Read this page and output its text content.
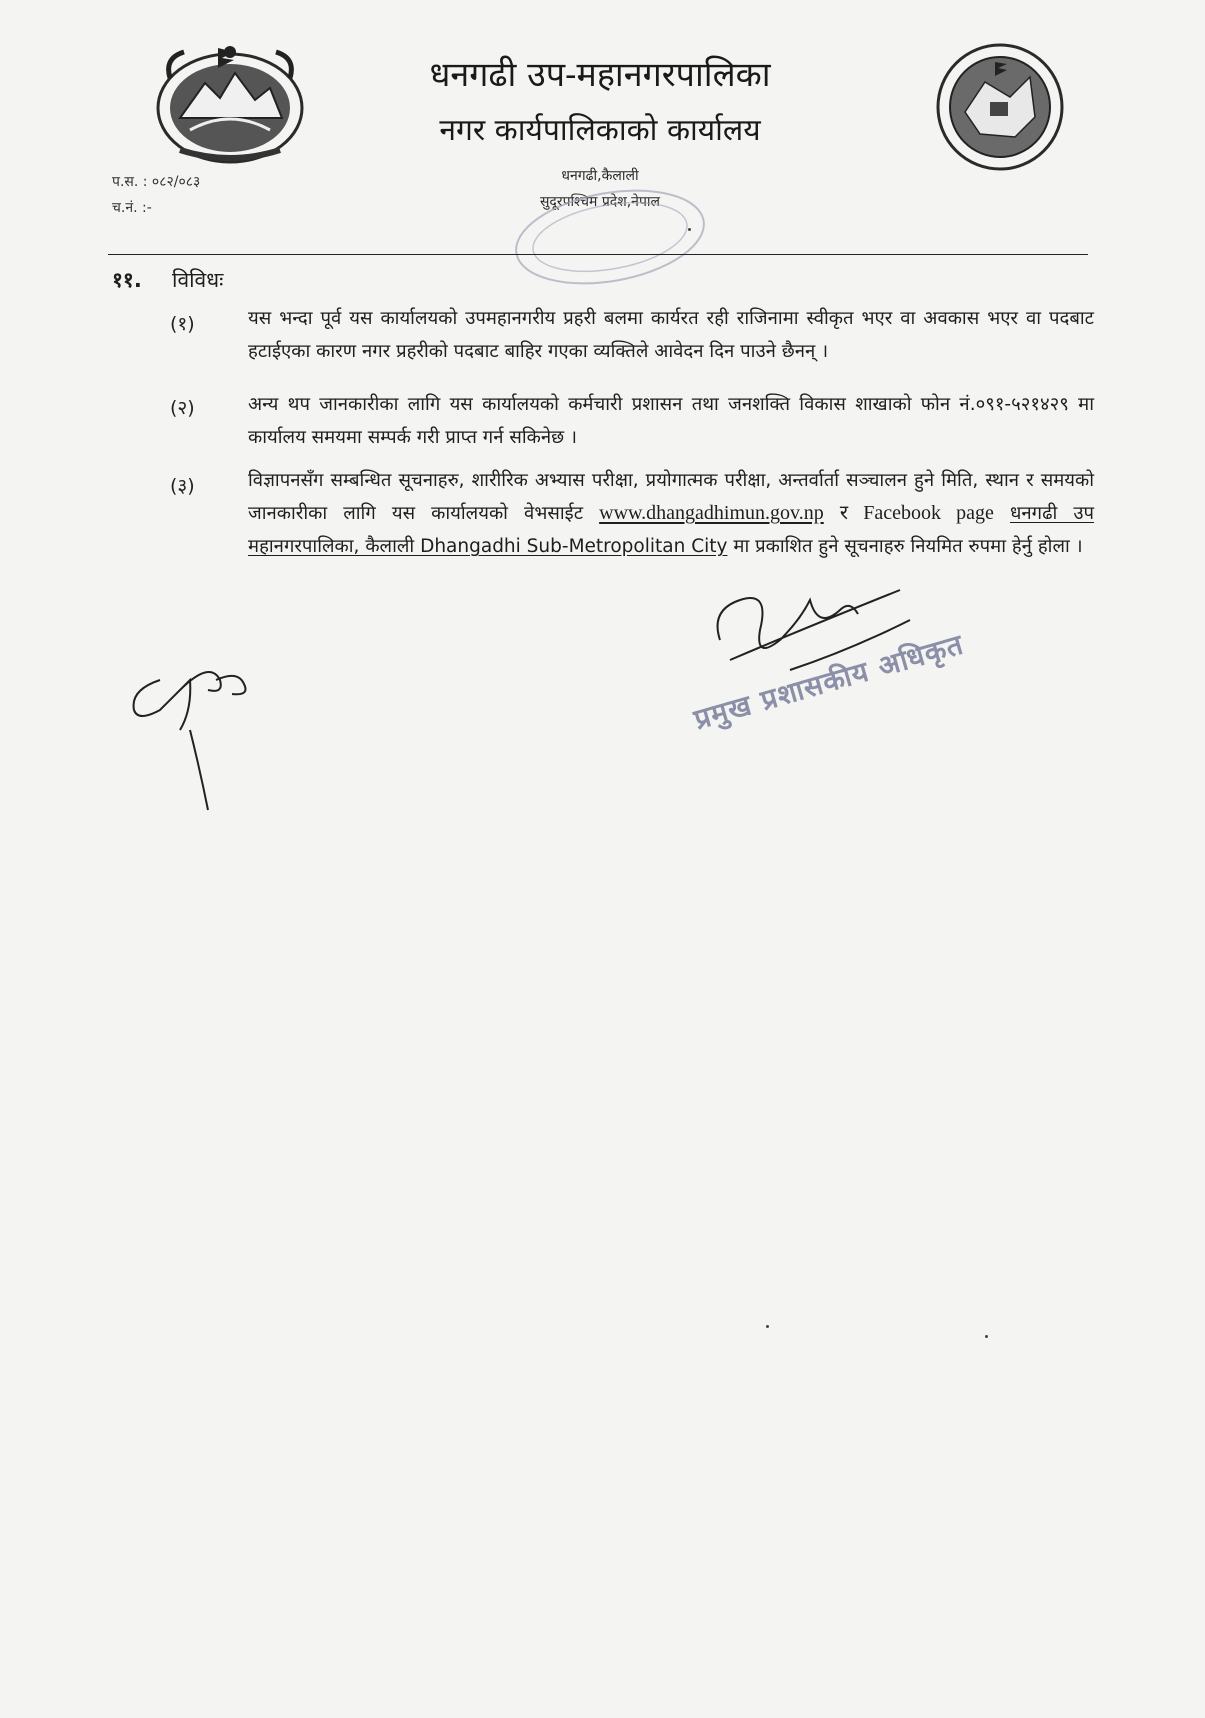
धनगढी उप-महानगरपालिका
नगर कार्यपालिकाको कार्यालय
प.स. : ०८२/०८३
च.नं. :-
धनगढी,कैलाली
सुदूरपश्चिम प्रदेश,नेपाल
११. विविधः
(१)	यस भन्दा पूर्व यस कार्यालयको उपमहानगरीय प्रहरी बलमा कार्यरत रही राजिनामा स्वीकृत भएर वा अवकास भएर वा पदबाट हटाईएका कारण नगर प्रहरीको पदबाट बाहिर गएका व्यक्तिले आवेदन दिन पाउने छैनन् ।
(२)	अन्य थप जानकारीका लागि यस कार्यालयको कर्मचारी प्रशासन तथा जनशक्ति विकास शाखाको फोन नं.०९१-५२१४२९ मा कार्यालय समयमा सम्पर्क गरी प्राप्त गर्न सकिनेछ ।
(३)	विज्ञापनसँग सम्बन्धित सूचनाहरु, शारीरिक अभ्यास परीक्षा, प्रयोगात्मक परीक्षा, अन्तर्वार्ता सञ्चालन हुने मिति, स्थान र समयको जानकारीका लागि यस कार्यालयको वेभसाईट www.dhangadhimun.gov.np र Facebook page धनगढी उप महानगरपालिका, कैलाली Dhangadhi Sub-Metropolitan City मा प्रकाशित हुने सूचनाहरु नियमित रुपमा हेर्नु होला ।
प्रमुख प्रशासकीय अधिकृत
